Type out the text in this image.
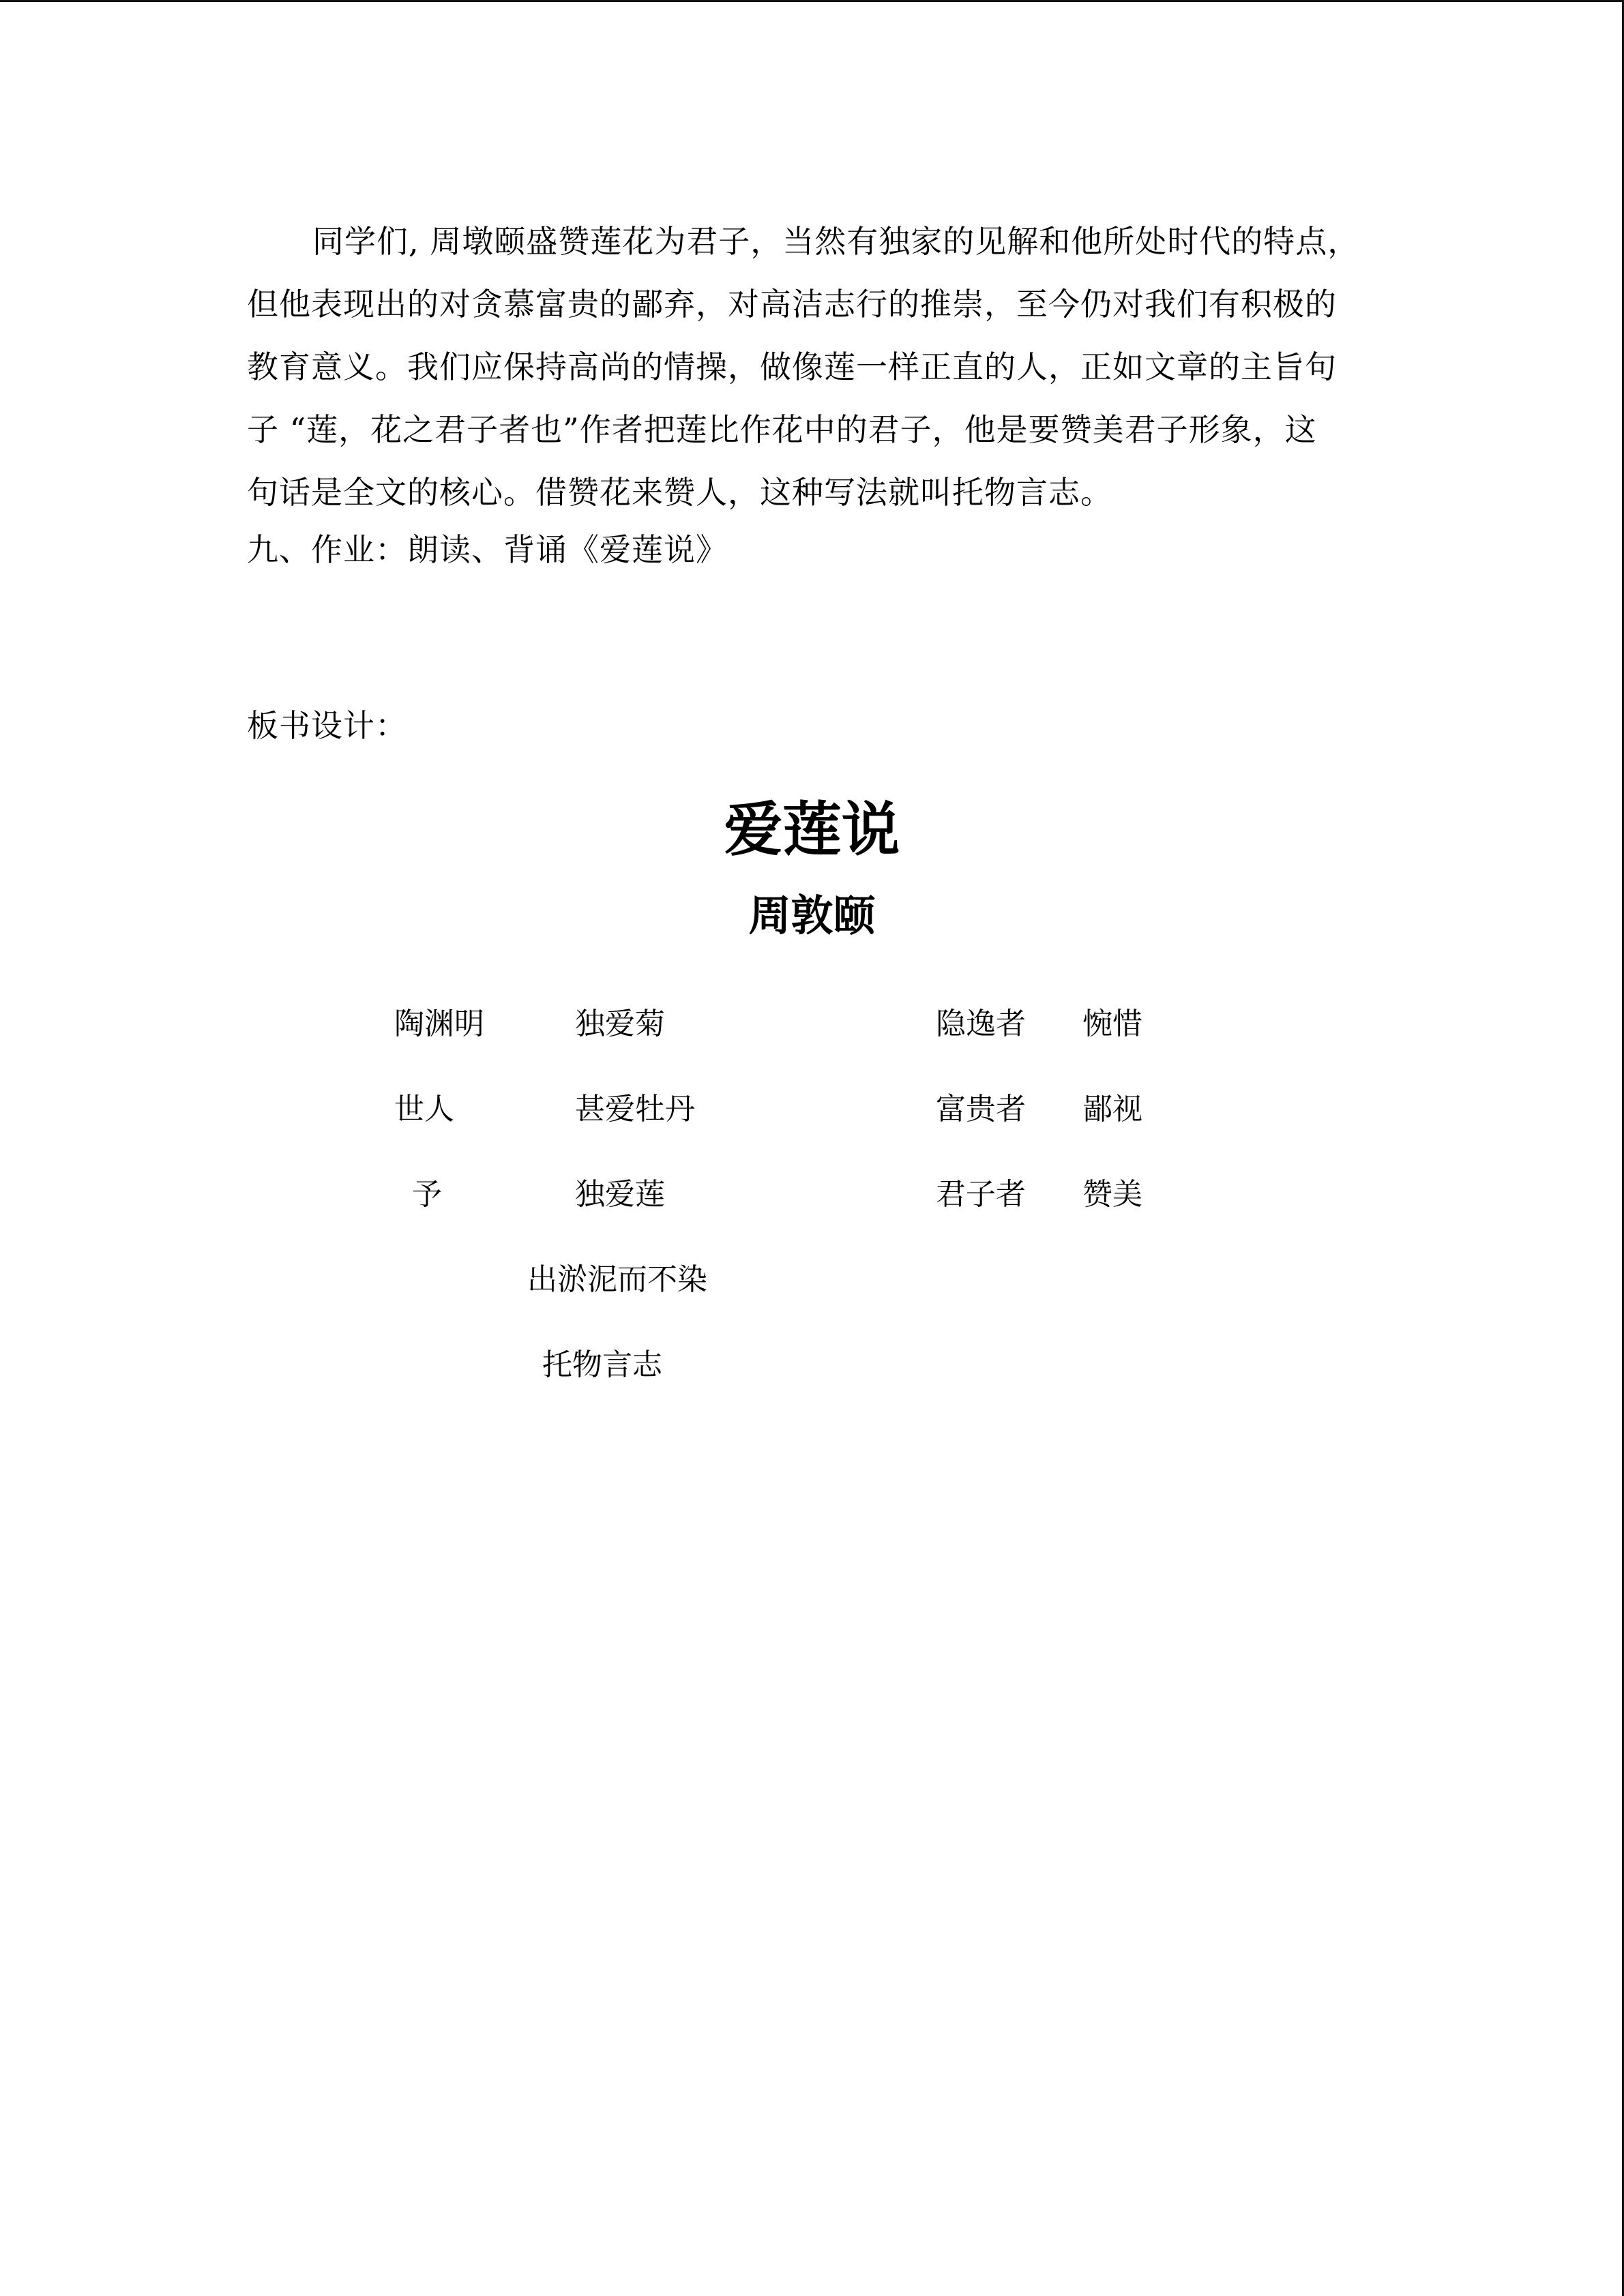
同学们, 周墩颐盛赞莲花为君子，当然有独家的见解和他所处时代的特点，
但他表现出的对贪慕富贵的鄙弃，对高洁志行的推崇，至今仍对我们有积极的
教育意义。我们应保持高尚的情操，做像莲一样正直的人，正如文章的主旨句
子 “莲，花之君子者也”作者把莲比作花中的君子，他是要赞美君子形象，这
句话是全文的核心。借赞花来赞人，这种写法就叫托物言志。
九、作业：朗读、背诵《爱莲说》
板书设计：
爱莲说
周敦颐
陶渊明	独爱菊	隐逸者 惋惜
世人	甚爱牡丹	富贵者 鄙视
予	独爱莲	君子者 赞美
出淤泥而不染
托物言志
